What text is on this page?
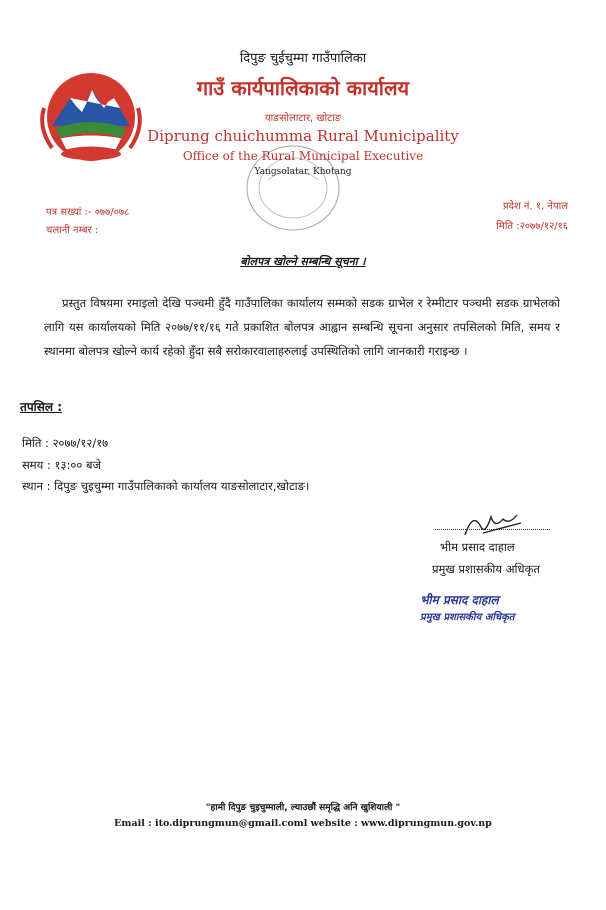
दिपुङ चुईचुम्मा गाउँपालिका
गाउँ कार्यपालिकाको कार्यालय
याङसोलाटार, खोटाङ
Diprung chuichumma Rural Municipality
Office of the Rural Municipal Executive
Yangsolatar, Khotang
पत्र सख्यां :- ०७७/०७८
चलानी नम्बर :
प्रदेश नं. १, नेपाल
मिति :२०७७/१२/१६
बोलपत्र खोल्ने सम्बन्धि सूचना ।
प्रस्तुत विषयमा रमाइलो देखि पञ्चमी हुँदै गाउँपालिका कार्यालय सम्मको सडक ग्राभेल र रेम्मीटार पञ्चमी सडक ग्राभेलको लागि यस कार्यालयको मिति २०७७/११/१६ गते प्रकाशित बोलपत्र आह्वान सम्बन्धि सूचना अनुसार तपसिलको मिति, समय र स्थानमा बोलपत्र खोल्ने कार्य रहेको हुँदा सबै सरोकारवालाहरुलाई उपस्थितिको लागि जानकारी गराइन्छ ।
तपसिल :
मिति : २०७७/१२/१७
समय : १३:०० बजे
स्थान : दिपुङ चुइचुम्मा गाउँपालिकाको कार्यालय याङसोलाटार,खोटाङ।
भीम प्रसाद दाहाल
प्रमुख प्रशासकीय अधिकृत
भीम प्रसाद दाहाल
प्रमुख प्रशासकीय अधिकृत
"हामी दिपुङ चुइचुम्माली, ल्याउछौं समृद्धि अनि खुशियाली "
Email : ito.diprungmun@gmail.coml website : www.diprungmun.gov.np
